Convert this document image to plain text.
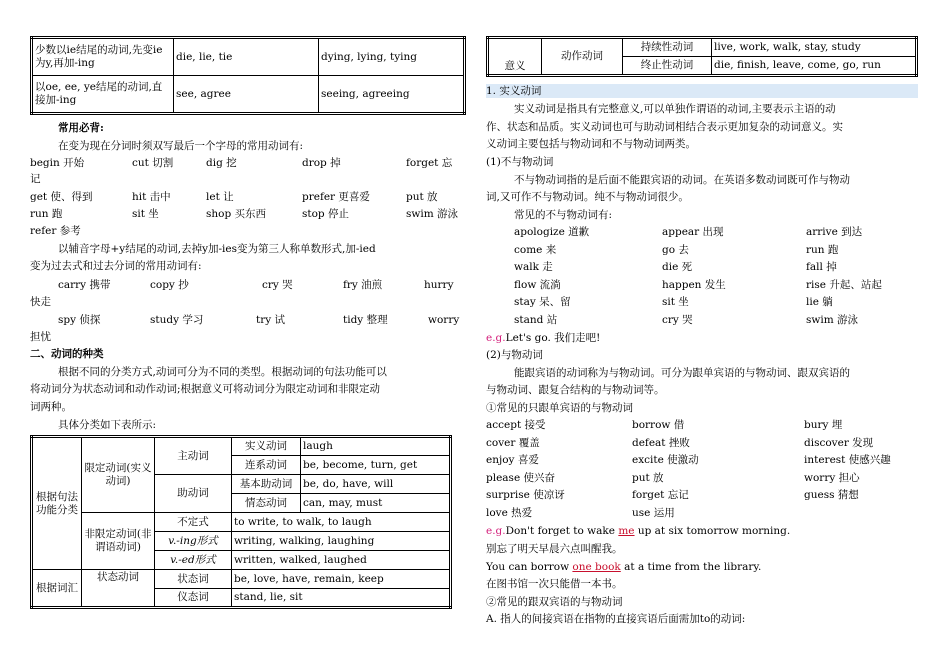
少数以ie结尾的动词,先变ie为y,再加-ing	die, lie, tie	dying, lying, tying
以oe, ee, ye结尾的动词,直接加-ing	see, agree	seeing, agreeing
常用必背:
在变为现在分词时须双写最后一个字母的常用动词有:
begin 开始	cut 切割	dig 挖	drop 掉	forget 忘
记
get 使、得到	hit 击中	let 让	prefer 更喜爱	put 放
run 跑	sit 坐	shop 买东西	stop 停止	swim 游泳
refer 参考
以辅音字母+y结尾的动词,去掉y加-ies变为第三人称单数形式,加-ied
变为过去式和过去分词的常用动词有:
carry 携带	copy 抄	cry 哭	fry 油煎	hurry
快走
spy 侦探	study 学习	try 试	tidy 整理	worry
担忧
二、动词的种类
根据不同的分类方式,动词可分为不同的类型。根据动词的句法功能可以
将动词分为状态动词和动作动词;根据意义可将动词分为限定动词和非限定动
词两种。
具体分类如下表所示:
根据句法功能分类	限定动词(实义动词)	主动词	实义动词	laugh
			连系动词	be, become, turn, get
		助动词	基本助动词	be, do, have, will
			情态动词	can, may, must
	非限定动词(非谓语动词)	不定式	to write, to walk, to laugh	
		v.-ing形式	writing, walking, laughing	
		v.-ed形式	written, walked, laughed	
根据词汇	状态动词	状态词	be, love, have, remain, keep	
		仪态词	stand, lie, sit	
意义	动作动词	持续性动词	live, work, walk, stay, study
		终止性动词	die, finish, leave, come, go, run
1. 实义动词
实义动词是指具有完整意义,可以单独作谓语的动词,主要表示主语的动
作、状态和品质。实义动词也可与助动词相结合表示更加复杂的动词意义。实
义动词主要包括与物动词和不与物动词两类。
(1)不与物动词
不与物动词指的是后面不能跟宾语的动词。在英语多数动词既可作与物动
词,又可作不与物动词。纯不与物动词很少。
常见的不与物动词有:
apologize 道歉	appear 出现	arrive 到达
come 来	go 去	run 跑
walk 走	die 死	fall 掉
flow 流淌	happen 发生	rise 升起、站起
stay 呆、留	sit 坐	lie 躺
stand 站	cry 哭	swim 游泳
e.g.Let's go. 我们走吧!
(2)与物动词
能跟宾语的动词称为与物动词。可分为跟单宾语的与物动词、跟双宾语的
与物动词、跟复合结构的与物动词等。
①常见的只跟单宾语的与物动词
accept 接受	borrow 借	bury 埋
cover 覆盖	defeat 挫败	discover 发现
enjoy 喜爱	excite 使激动	interest 使感兴趣
please 使兴奋	put 放	worry 担心
surprise 使凉讶	forget 忘记	guess 猜想
love 热爱	use 运用
e.g.Don't forget to wake me up at six tomorrow morning.
别忘了明天早晨六点叫醒我。
You can borrow one book at a time from the library.
在图书馆一次只能借一本书。
②常见的跟双宾语的与物动词
A. 指人的间接宾语在指物的直接宾语后面需加to的动词:
